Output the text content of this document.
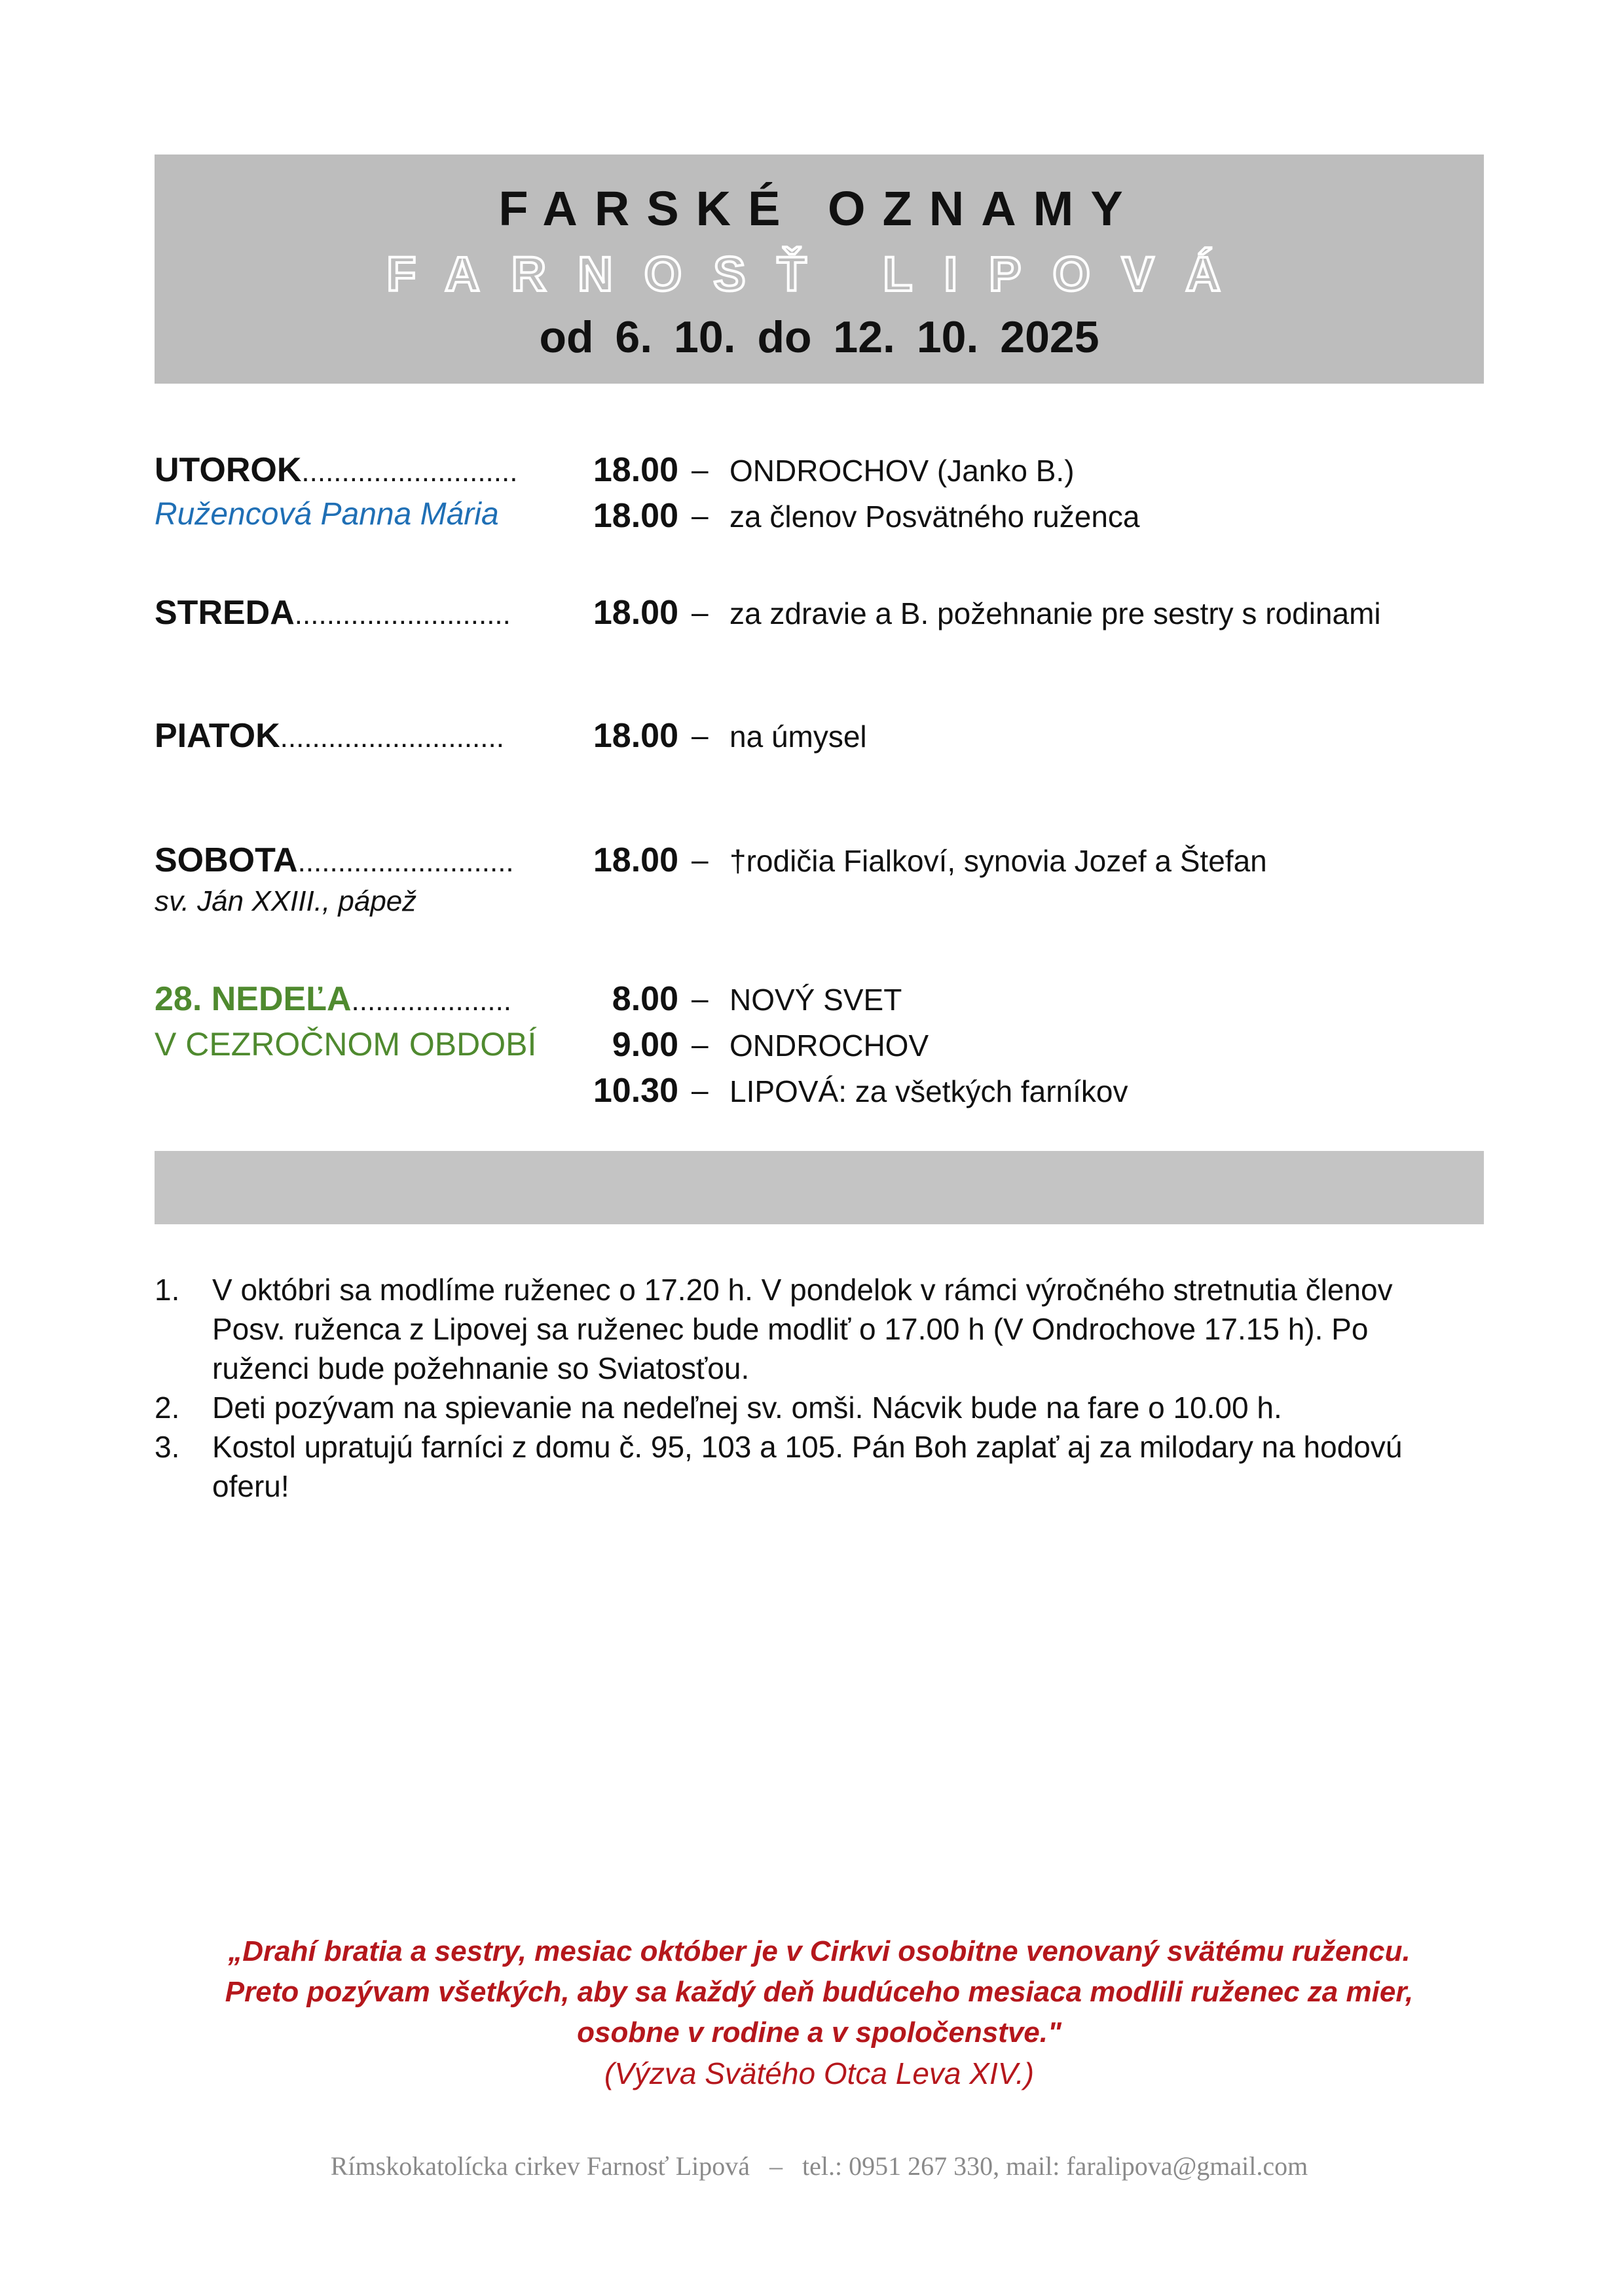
FARSKÉ OZNAMY
FARNOSŤ LIPOVÁ
od 6. 10. do 12. 10. 2025
UTOROK...........................	18.00 – ONDROCHOV (Janko B.)
Ružencová Panna Mária	18.00 – za členov Posvätného ruženca
STREDA...........................	18.00 – za zdravie a B. požehnanie pre sestry s rodinami
PIATOK............................	18.00 – na úmysel
SOBOTA...........................	18.00 – †rodičia Fialkoví, synovia Jozef a Štefan
sv. Ján XXIII., pápež
28. NEDEĽA....................	8.00 – NOVÝ SVET
V CEZROČNOM OBDOBÍ	9.00 – ONDROCHOV
10.30 – LIPOVÁ: za všetkých farníkov

1. V októbri sa modlíme ruženec o 17.20 h. V pondelok v rámci výročného stretnutia členov
Posv. ruženca z Lipovej sa ruženec bude modliť o 17.00 h (V Ondrochove 17.15 h). Po
ruženci bude požehnanie so Sviatosťou.

2. Deti pozývam na spievanie na nedeľnej sv. omši. Nácvik bude na fare o 10.00 h.

3. Kostol upratujú farníci z domu č. 95, 103 a 105. Pán Boh zaplať aj za milodary na hodovú
oferu!

„Drahí bratia a sestry, mesiac október je v Cirkvi osobitne venovaný svätému ružencu.
Preto pozývam všetkých, aby sa každý deň budúceho mesiaca modlili ruženec za mier,
osobne v rodine a v spoločenstve."
(Výzva Svätého Otca Leva XIV.)
Rímskokatolícka cirkev Farnosť Lipová   –   tel.: 0951 267 330, mail: faralipova@gmail.com
